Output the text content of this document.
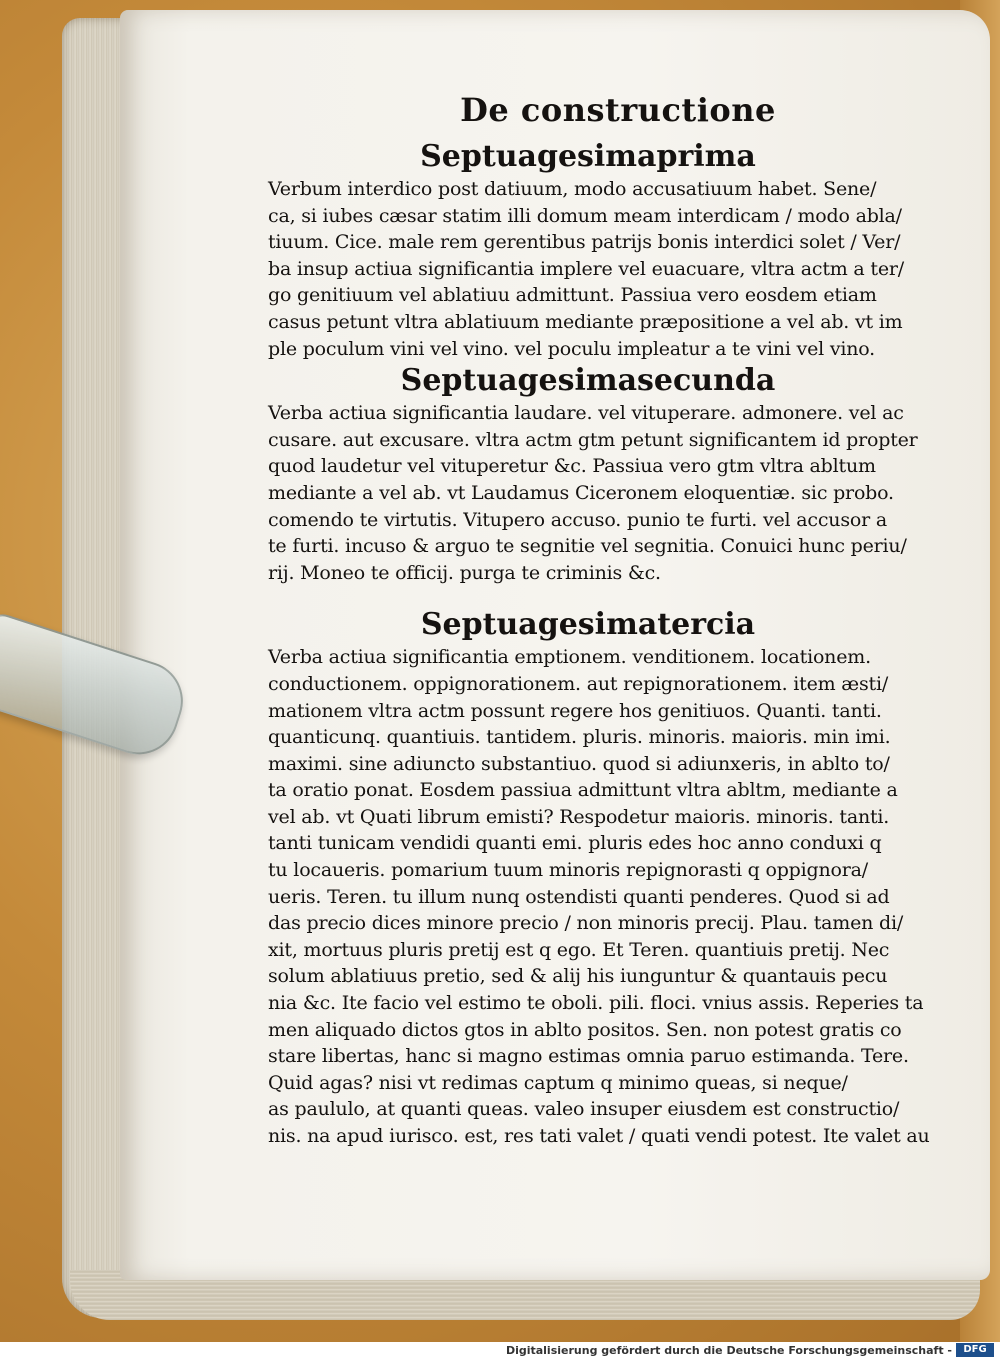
De constructione
Septuagesimaprima
Verbum interdico post datiuum, modo accusatiuum habet. Sene/
ca, si iubes cæsar statim illi domum meam interdicam / modo abla/
tiuum. Cice. male rem gerentibus patrijs bonis interdici solet / Ver/
ba insup actiua significantia implere vel euacuare, vltra actm a ter/
go genitiuum vel ablatiuu admittunt. Passiua vero eosdem etiam
casus petunt vltra ablatiuum mediante præpositione a vel ab. vt im
ple poculum vini vel vino. vel poculu impleatur a te vini vel vino.
Septuagesimasecunda
Verba actiua significantia laudare. vel vituperare. admonere. vel ac
cusare. aut excusare. vltra actm gtm petunt significantem id propter
quod laudetur vel vituperetur &c. Passiua vero gtm vltra abltum
mediante a vel ab. vt Laudamus Ciceronem eloquentiæ. sic probo.
comendo te virtutis. Vitupero accuso. punio te furti. vel accusor a
te furti. incuso & arguo te segnitie vel segnitia. Conuici hunc periu/
rij. Moneo te officij. purga te criminis &c.
Septuagesimatercia
Verba actiua significantia emptionem. venditionem. locationem.
conductionem. oppignorationem. aut repignorationem. item æsti/
mationem vltra actm possunt regere hos genitiuos. Quanti. tanti.
quanticunq. quantiuis. tantidem. pluris. minoris. maioris. min imi.
maximi. sine adiuncto substantiuo. quod si adiunxeris, in ablto to/
ta oratio ponat. Eosdem passiua admittunt vltra abltm, mediante a
vel ab. vt Quati librum emisti? Respodetur maioris. minoris. tanti.
tanti tunicam vendidi quanti emi. pluris edes hoc anno conduxi q
tu locaueris. pomarium tuum minoris repignorasti q oppignora/
ueris. Teren. tu illum nunq ostendisti quanti penderes. Quod si ad
das precio dices minore precio / non minoris precij. Plau. tamen di/
xit, mortuus pluris pretij est q ego. Et Teren. quantiuis pretij. Nec
solum ablatiuus pretio, sed & alij his iunguntur & quantauis pecu
nia &c. Ite facio vel estimo te oboli. pili. floci. vnius assis. Reperies ta
men aliquado dictos gtos in ablto positos. Sen. non potest gratis co
stare libertas, hanc si magno estimas omnia paruo estimanda. Tere.
Quid agas? nisi vt redimas captum q minimo queas, si neque/
as paululo, at quanti queas. valeo insuper eiusdem est constructio/
nis. na apud iurisco. est, res tati valet / quati vendi potest. Ite valet au
Digitalisierung gefördert durch die Deutsche Forschungsgemeinschaft -	DFG
